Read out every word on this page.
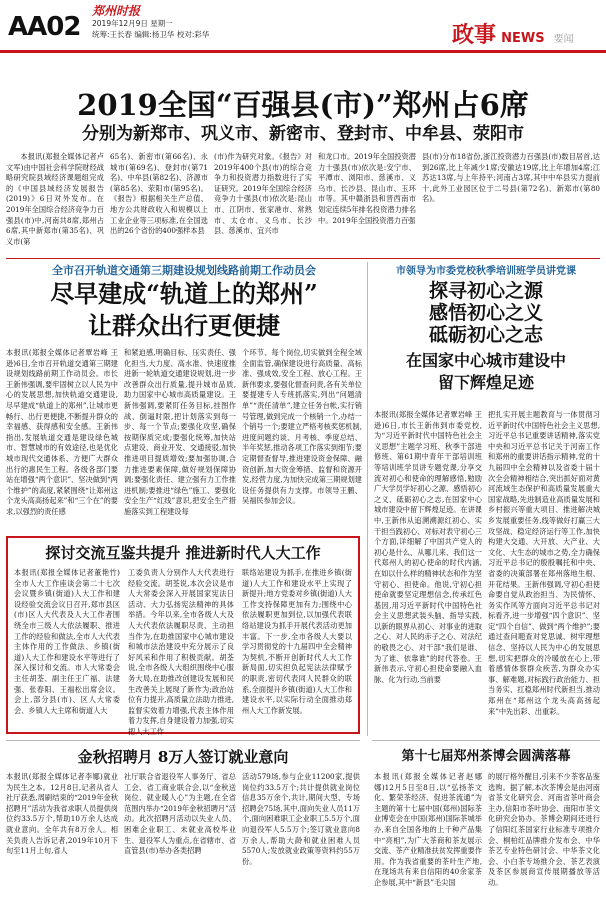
AA02
郑州时报
2019年12月9日 星期一
统筹:王长春 编辑:杨卫华 校对:彩华	政事 NEWS 要闻
2019全国“百强县(市)”郑州占6席
分别为新郑市、巩义市、新密市、登封市、中牟县、荥阳市
本报讯(郑报全媒体记者卢文军)由中国社会科学院财经战略研究院县域经济课题组完成的《中国县域经济发展报告(2019)》6日对外发布。在2019年全国综合经济竞争力百强县(市)中,河南共8席,郑州占6席,其中新郑市(第35名)、巩义市(第
65名)、新密市(第66名)、永城市(第69名)、登封市(第71名)、中牟县(第82名)、济源市(第85名)、荥阳市(第95名)。《报告》根据相关生产总值、地方公共财政收入和规模以上工业企业等三项标准,在全国选出的26个省份的400强样本县
(市)作为研究对象。《报告》对2019年400个县(市)的综合竞争力和投资潜力指数进行了实证研究。2019年全国综合经济竞争力十强县(市)依次是:昆山市、江阴市、张家港市、常熟市、太仓市、义乌市、长沙县、慈溪市、宜兴市
和龙口市。2019年全国投资潜力十强县(市)依次是:安宁市、平潭市、浏阳市、慈溪市、义乌市、长沙县、昆山市、玉环市等。其中赣浙县和晋西南市划定连续5年排名投资潜力排名中。2019年全国投资潜力百强
县(市)分布18省份,浙江投资潜力百强县(市)数目居首,达到26席,比上年减少1席;安徽达19席,比上年增加4席;江苏达13席,与上年持平;河南占3席,其中中牟县实力提前十,此外工业园区位于二号县(第72名)、新郑市(第80名)。
全市召开轨道交通第三期建设规划线路前期工作动员会
尽早建成“轨道上的郑州”
让群众出行更便捷
本报讯(郑报全媒体记者覃岩峰 王逊)6日,全市召开轨道交通第三期建设规划线路前期工作动员会。市长王新伟强调,要牢固树立以人民为中心的发展思想,加快轨道交通建设,尽早建成“轨道上的郑州”,让城市更畅行、出行更便捷,不断提升群众的幸福感、获得感和安全感。王新伟指出,发展轨道交通是建设绿色城市、智慧城市的有效途径,也是优化城市现代交通体系、方便广大群众出行的惠民生工程。各级各部门要站在增强“两个意识”、坚决做到“两个维护”的高度,紧紧围绕“让郑州这个龙头高高扬起来”和“三个在”的要求,以强烈的责任感
和紧迫感,明确目标、压实责任、强化担当,大力度、高水准、快速度推进新一轮轨道交通建设规划,进一步改善群众出行质量,提升城市品质,助力国家中心城市高质量建设。王新伟强调,要紧盯任务目标,挂图作战、倒逼时限,把计划落实到每一步、每一个节点;要强化攻坚,确保按期保质完成;要强化统筹,加快站点建设、商业开发、交通接驳,加快推进项目提质增效;要加强协调,合力推进要素保障,做好规划保障协调;要强化责任、建立强有力工作推进机制;要推进“绿色”施工、要强化安全生产“红线”意识,把安全生产措施落实到工程建设每
个环节、每个岗位,切实做到全程全域全面监管,确保建设进行高质量、高标准、强成效,安全工程、放心工程。王新伟要求,要强化督查问责,各有关单位要提建专人专班抓落实,列出“问题清单”“责任清单”,建立任务台帐,实行销号管理,做到完成一个核销一个,办结一个销号一个;要建立严格考核奖惩机制,进度问题约谈、月考核、季度总结、半年奖惩,推动各项工作落实到细节;要定期督查督导,推进建设资金保障、融资创新,加大资金筹措、监督和资源开发,经营力度,为加快完成第三期规划建设任务提供有力支撑。市领导王鹏、吴福民参加会议。
探讨交流互鉴共提升 推进新时代人大工作
本报讯(郑报全媒体记者董艳竹)全市人大工作座谈会第二十七次会议暨乡镇(街道)人大工作和建设经验交流会议日召开,郑市县区(市)区人大代表及人大工作者围绕全市三级人大依法履职、推进工作的经验和做法,全市人大代表主体作用的工作做法、乡镇(街道)人大工作和建设水平等进行了深入探讨和交流。市人大常委会主任胡荃、副主任王广福、法建强、张春阳、王福松出席会议。会上,部分县(市)、区人大常委会、乡镇人大主席和街道人大
工委负责人分别作人大代表进行经验交流。胡荃说,本次会议是市人大常委会深入开展国家宪法日活动、大力弘扬宪法精神的具体举措。今年以来,全市各级人大及人大代表依法履职尽责、主动担当作为,在助推国家中心城市建设和城市法治建设中充分展示了良好风采和作用了积极贡献。胡荃说,全市各级人大组织围绕中心服务大局,在助推改创建设发展和民生改善关上展现了新作为;政治站位有力提升,高质量立法助力推进,监督实效着力增强,代表主体作用着力发挥,自身建设着力加强,切实把人大工作
联络站建设为抓手,在推进乡镇(街道)人大工作和建设水平上实现了新提升;地方党委对乡镇(街道)人大工作支持保障更加有力;围绕中心依法履职更加到位,以加强代表联络站建设为抓手开展代表活动更加丰富。下一步,全市各级人大要以学习贯彻党的十九届四中全会精神为契机,不断开创新时代人大工作新局面,切实担负起宪法法律赋予的职责,密切代表同人民群众的联系,全面提升乡镇(街道)人大工作和建设水平,以实际行动全面推动郑州人大工作新发展。
金秋招聘月 8万人签订就业意向
本报讯(郑报全媒体记者李娜)就业为民生之本。12月8日,记者从省人社厅获悉,周刷结束的“2019年金秋招聘月”活动为我省求职人员提供岗位约33.5万个,帮助10万余人达成就业意向。全年共有8万余人。相关负责人告诉记者,2019年10月下旬至11月上旬,省人
社厅联合省退役军人事务厅、省总工会、省工商业联合会,以“金秋送岗位、就业暖人心”为主题,在全省范围内举办“2019年金秋招聘月”活动。此次招聘月活动以失业人员、困难企业职工、未就业高校毕业生、退役军人为重点,在省辖市、省直管县(市)举办各类招聘
活动579场,参与企业11200家,提供岗位约33.5万个;共计提供就业岗位信息35万余个,共计,期间大型、专场招聘会75场,其中,面向失业人员11万个,面向困难职工企业职工5.5万个,面向退役军人5.5万个;签订就业意向8万余人,帮助大龄和就业困难人员5570人;发放就业政策等资料约55万份。
市领导为市委党校秋季培训班学员讲党课
探寻初心之源
感悟初心之义
砥砺初心之志
在国家中心城市建设中
留下辉煌足迹
本报讯(郑报全媒体记者覃岩峰 王逊)6日,市长王新伟到市委党校,为“习近平新时代中国特色社会主义思想”主题学习班、秋季干部进修班、第61期中青年干部培训班等培训班学员讲专题党课,分享交流对初心和使命的理解感悟,勉励广大学员学好初心之源、感悟初心之义、砥砺初心之志,在国家中心城市建设中留下辉煌足迹。在讲课中,王新伟从追溯溯源红初心、实干担当践初心、对标对表守初心三个方面,详细解了中国共产党人的初心是什么、从哪儿来、我们这一代郑州人的初心使命的时代内涵,在如以什么样的精神状态和作为坚守初心、担使命。他说,守初心担使命就要坚定理想信念,传承红色基因,用习近平新时代中国特色社会主义思想武装头脑、指导实践,以新的眼界从初心、对事业的进取之心、对人民的赤子之心、对法纪的敬畏之心、对干部“我们是谁、为了谁、依靠谁”的时代答卷。王新伟表示,守初心担使命要融入血脉、化为行动,当前要
把扎实开展主题教育与一体贯彻习近平新时代中国特色社会主义思想,习近平总书记重要讲话精神,落实党中央和习近平总书记关于河南工作和郑州的重要讲话指示精神,党的十九届四中全会精神以及省委十届十次全会精神相结合,突出抓好面对黄河流域生态保护和高质量发展重大国家战略,先进制造业高质量发展和乡村振兴等重大项目、推进解决城乡发展重要任务,线等做好打赢三大攻坚战、稳定经济运行等工作,加快构建大交通、大开放、大产业、大文化、大生态的城市之势,全力确保习近平总书记的殷殷嘱托和中央、省委的决策部署在郑州落地生根、开花结果。王新伟强调,守初心担使命要自觉从政治担当、为民情怀、务实作风等方面向习近平总书记对标看齐,进一步增强“四个意识”、坚定“四个自信”、做到“两个维护”;要通过查问题查对党思诚、树牢理想信念、坚持以人民为中心的发展思想,切实把群众的冷暖放在心上,带着感情体察群众疾苦,为群众办实事、解难题,对标践行政治能力、担当务实、扛稳郑州时代新担当,推动郑州在“郑州这个龙头高高扬起来”中先出彩、出重彩。
第十七届郑州茶博会圆满落幕
本报讯(郑报全媒体记者赵娜娜)12月5日至8日,以“弘扬茶文化、繁荣茶经济、促进茶流通”为主题的第十七届中国(郑州)国际茶业博览会在中国(郑州)国际茶城举办,来自全国各地的上千种产品集中“亮相”,为广大茶商和茶友展示交流、茶产业精准扶贫发挥重要作用。作为我省重要的茶叶生产地,在现场共有来自信阳的40余家茶企参展,其中“新县”毛尖国
的展厅格外醒目,引来不少茶客品鉴选购。据了解,本次茶博会是由河南省茶文化研究会、河南省茶叶商会主办,信阳市茶叶协会、南阳市茶文化研究会协办。茶博会期间还进行了信阳红茶国家行业标准专项推介会、桐柏红品牌推介发布会、中华茶艺专业特色研讨会、中华茶文化会、小白茶专场推介会、茶艺表演及茶区参展商宣传展期播放等活动。
